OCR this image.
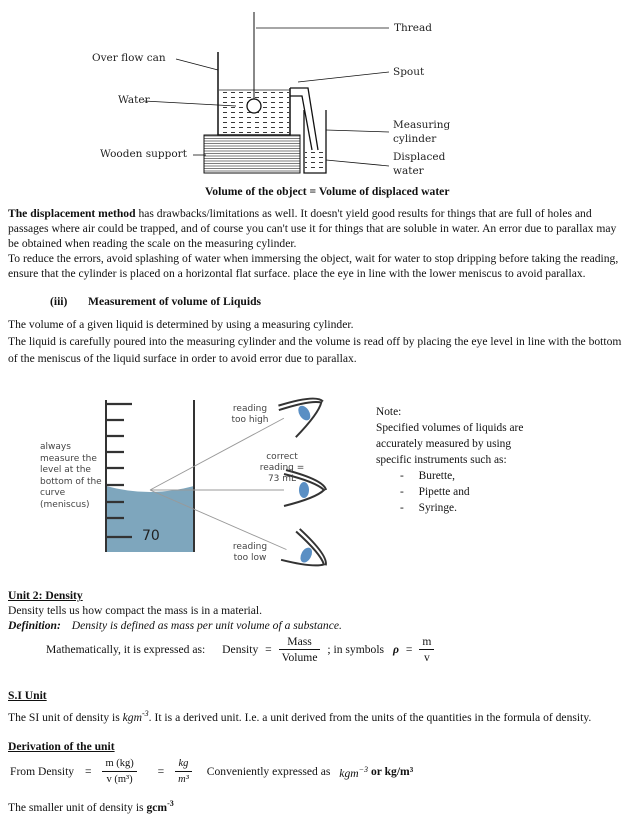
Thread
Over flow can
Water
Wooden support
Spout
Measuring cylinder
Displaced water
Volume of the object = Volume of displaced water
The displacement method has drawbacks/limitations as well. It doesn't yield good results for things that are full of holes and passages where air could be trapped, and of course you can't use it for things that are soluble in water. An error due to parallax may be obtained when reading the scale on the measuring cylinder.
To reduce the errors, avoid splashing of water when immersing the object, wait for water to stop dripping before taking the reading, ensure that the cylinder is placed on a horizontal flat surface. place the eye in line with the lower meniscus to avoid parallax.
(iii) Measurement of volume of Liquids
The volume of a given liquid is determined by using a measuring cylinder.
The liquid is carefully poured into the measuring cylinder and the volume is read off by placing the eye level in line with the bottom of the meniscus of the liquid surface in order to avoid error due to parallax.
always measure the level at the bottom of the curve (meniscus)
reading too high
correct reading = 73 mL
reading too low
70
Note:
Specified volumes of liquids are accurately measured by using specific instruments such as:
- Burette,
- Pipette and
- Syringe.
Unit 2: Density
Density tells us how compact the mass is in a material.
Definition: Density is defined as mass per unit volume of a substance.
Mathematically, it is expressed as: Density = $\frac{\text{Mass}}{\text{Volume}}$ ; in symbols $\rho = \frac{m}{v}$
S.I Unit
The SI unit of density is kgm$^{-3}$. It is a derived unit. I.e. a unit derived from the units of the quantities in the formula of density.
Derivation of the unit
From Density = $\frac{m (kg)}{\text{v (m³)}} = \frac{kg}{\text{m³}}$ Conveniently expressed as kgm$^{-3}$ or kg/m³
The smaller unit of density is gcm$^{-3}$
